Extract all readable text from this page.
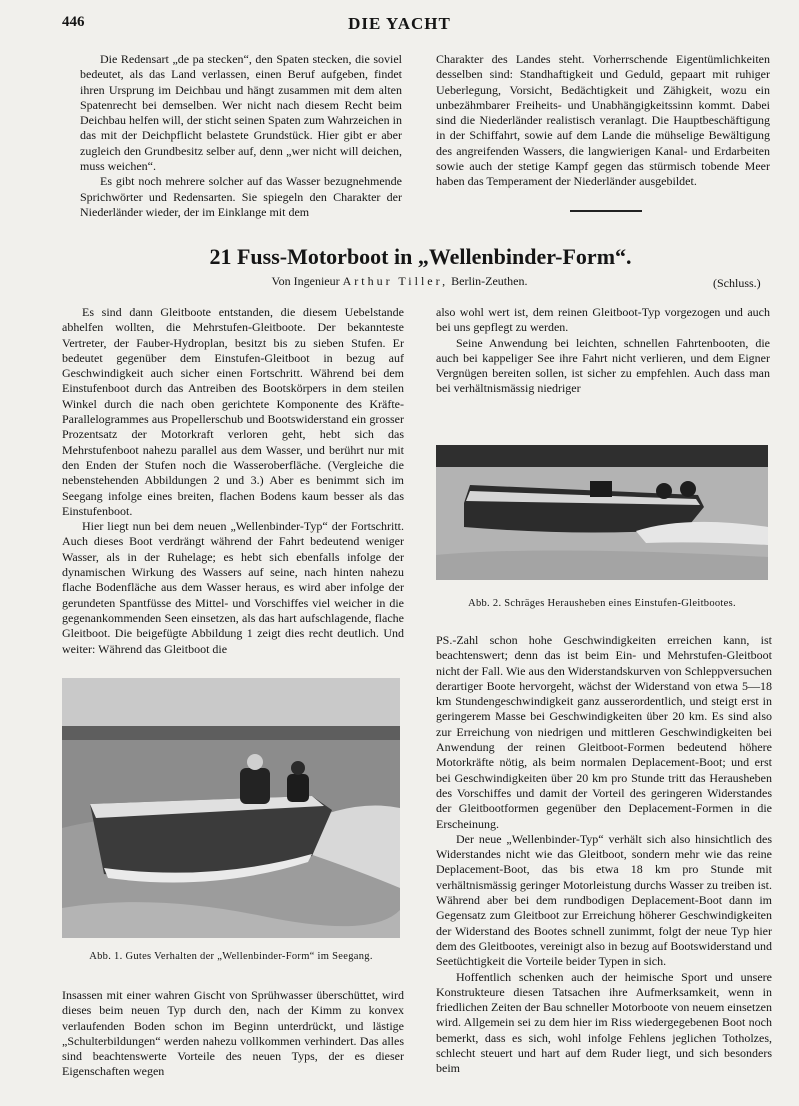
446	DIE YACHT

Die Redensart „de pa stecken“, den Spaten stecken, die soviel bedeutet, als das Land verlassen, einen Beruf aufgeben, findet ihren Ursprung im Deichbau und hängt zusammen mit dem alten Spatenrecht bei demselben. Wer nicht nach diesem Recht beim Deichbau helfen will, der sticht seinen Spaten zum Wahrzeichen in das mit der Deichpflicht belastete Grundstück. Hier gibt er aber zugleich den Grundbesitz selber auf, denn „wer nicht will deichen, muss weichen“.

Es gibt noch mehrere solcher auf das Wasser bezugnehmende Sprichwörter und Redensarten. Sie spiegeln den Charakter der Niederländer wieder, der im Einklange mit dem

Charakter des Landes steht. Vorherrschende Eigentümlichkeiten desselben sind: Standhaftigkeit und Geduld, gepaart mit ruhiger Ueberlegung, Vorsicht, Bedächtigkeit und Zähigkeit, wozu ein unbezähmbarer Freiheits- und Unabhängigkeitssinn kommt. Dabei sind die Niederländer realistisch veranlagt. Die Hauptbeschäftigung in der Schiffahrt, sowie auf dem Lande die mühselige Bewältigung des angreifenden Wassers, die langwierigen Kanal- und Erdarbeiten sowie auch der stetige Kampf gegen das stürmisch tobende Meer haben das Temperament der Niederländer ausgebildet.

21 Fuss-Motorboot in „Wellenbinder-Form“.
Von Ingenieur Arthur Tiller, Berlin-Zeuthen.	(Schluss.)

Es sind dann Gleitboote entstanden, die diesem Uebelstande abhelfen wollten, die Mehrstufen-Gleitboote. Der bekannteste Vertreter, der Fauber-Hydroplan, besitzt bis zu sieben Stufen. Er bedeutet gegenüber dem Einstufen-Gleitboot in bezug auf Geschwindigkeit auch sicher einen Fortschritt. Während bei dem Einstufenboot durch das Antreiben des Bootskörpers in dem steilen Winkel durch die nach oben gerichtete Komponente des Kräfte-Parallelogrammes aus Propellerschub und Bootswiderstand ein grosser Prozentsatz der Motorkraft verloren geht, hebt sich das Mehrstufenboot nahezu parallel aus dem Wasser, und berührt nur mit den Enden der Stufen noch die Wasseroberfläche. (Vergleiche die nebenstehenden Abbildungen 2 und 3.) Aber es benimmt sich im Seegang infolge eines breiten, flachen Bodens kaum besser als das Einstufenboot.

Hier liegt nun bei dem neuen „Wellenbinder-Typ“ der Fortschritt. Auch dieses Boot verdrängt während der Fahrt bedeutend weniger Wasser, als in der Ruhelage; es hebt sich ebenfalls infolge der dynamischen Wirkung des Wassers auf seine, nach hinten nahezu flache Bodenfläche aus dem Wasser heraus, es wird aber infolge der gerundeten Spantfüsse des Mittel- und Vorschiffes viel weicher in die gegenankommenden Seen einsetzen, als das hart aufschlagende, flache Gleitboot. Die beigefügte Abbildung 1 zeigt dies recht deutlich. Und weiter: Während das Gleitboot die

Abb. 1. Gutes Verhalten der „Wellenbinder-Form“ im Seegang.

Insassen mit einer wahren Gischt von Sprühwasser überschüttet, wird dieses beim neuen Typ durch den, nach der Kimm zu konvex verlaufenden Boden schon im Beginn unterdrückt, und lästige „Schulterbildungen“ werden nahezu vollkommen verhindert. Das alles sind beachtenswerte Vorteile des neuen Typs, der es dieser Eigenschaften wegen

also wohl wert ist, dem reinen Gleitboot-Typ vorgezogen und auch bei uns gepflegt zu werden.

Seine Anwendung bei leichten, schnellen Fahrtenbooten, die auch bei kappeliger See ihre Fahrt nicht verlieren, und dem Eigner Vergnügen bereiten sollen, ist sicher zu empfehlen. Auch dass man bei verhältnismässig niedriger

Abb. 2. Schräges Herausheben eines Einstufen-Gleitbootes.

PS.-Zahl schon hohe Geschwindigkeiten erreichen kann, ist beachtenswert; denn das ist beim Ein- und Mehrstufen-Gleitboot nicht der Fall. Wie aus den Widerstandskurven von Schleppversuchen derartiger Boote hervorgeht, wächst der Widerstand von etwa 5—18 km Stundengeschwindigkeit ganz ausserordentlich, und steigt erst in geringerem Masse bei Geschwindigkeiten über 20 km. Es sind also zur Erreichung von niedrigen und mittleren Geschwindigkeiten bei Anwendung der reinen Gleitboot-Formen bedeutend höhere Motorkräfte nötig, als beim normalen Deplacement-Boot; und erst bei Geschwindigkeiten über 20 km pro Stunde tritt das Herausheben des Vorschiffes und damit der Vorteil des geringeren Widerstandes der Gleitbootformen gegenüber den Deplacement-Formen in die Erscheinung.

Der neue „Wellenbinder-Typ“ verhält sich also hinsichtlich des Widerstandes nicht wie das Gleitboot, sondern mehr wie das reine Deplacement-Boot, das bis etwa 18 km pro Stunde mit verhältnismässig geringer Motorleistung durchs Wasser zu treiben ist. Während aber bei dem rundbodigen Deplacement-Boot dann im Gegensatz zum Gleitboot zur Erreichung höherer Geschwindigkeiten der Widerstand des Bootes schnell zunimmt, folgt der neue Typ hier dem des Gleitbootes, vereinigt also in bezug auf Bootswiderstand und Seetüchtigkeit die Vorteile beider Typen in sich.

Hoffentlich schenken auch der heimische Sport und unsere Konstrukteure diesen Tatsachen ihre Aufmerksamkeit, wenn in friedlichen Zeiten der Bau schneller Motorboote von neuem einsetzen wird. Allgemein sei zu dem hier im Riss wiedergegebenen Boot noch bemerkt, dass es sich, wohl infolge Fehlens jeglichen Totholzes, schlecht steuert und hart auf dem Ruder liegt, und sich besonders beim
